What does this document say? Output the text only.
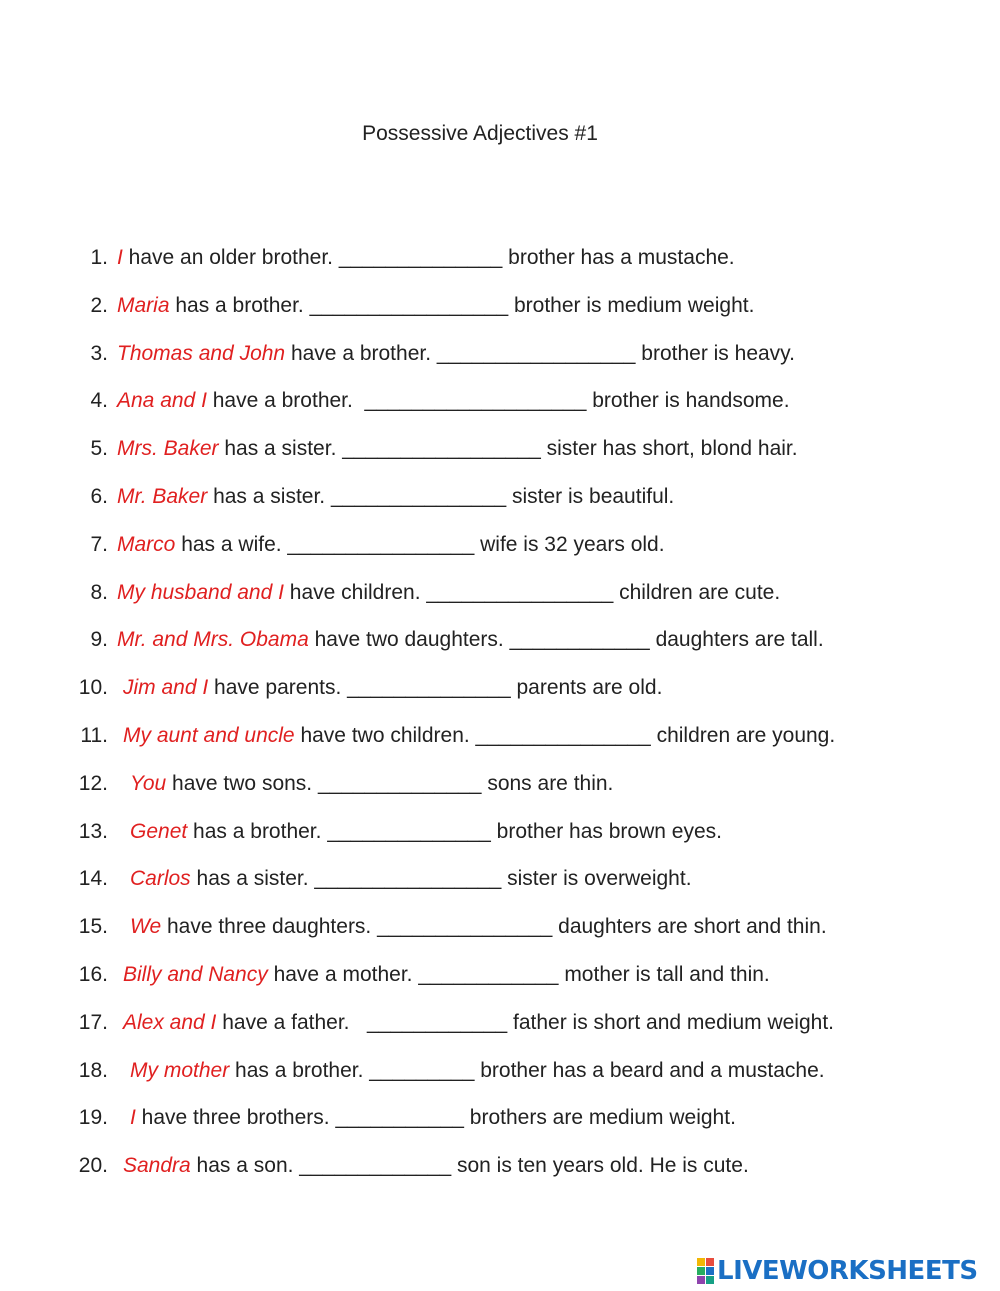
Possessive Adjectives #1
1. I have an older brother. ______________ brother has a mustache.
2. Maria has a brother. _________________ brother is medium weight.
3. Thomas and John have a brother. _________________ brother is heavy.
4. Ana and I have a brother.  ___________________ brother is handsome.
5. Mrs. Baker has a sister. _________________ sister has short, blond hair.
6. Mr. Baker has a sister. _______________ sister is beautiful.
7. Marco has a wife. ________________ wife is 32 years old.
8. My husband and I have children. ________________ children are cute.
9. Mr. and Mrs. Obama have two daughters. ____________ daughters are tall.
10. Jim and I have parents. ______________ parents are old.
11. My aunt and uncle have two children. _______________ children are young.
12. You have two sons. ______________ sons are thin.
13. Genet has a brother. ______________ brother has brown eyes.
14. Carlos has a sister. ________________ sister is overweight.
15. We have three daughters. _______________ daughters are short and thin.
16. Billy and Nancy have a mother. ____________ mother is tall and thin.
17. Alex and I have a father.   ____________ father is short and medium weight.
18. My mother has a brother. _________ brother has a beard and a mustache.
19. I have three brothers. ___________ brothers are medium weight.
20. Sandra has a son. _____________ son is ten years old. He is cute.
LIVEWORKSHEETS
